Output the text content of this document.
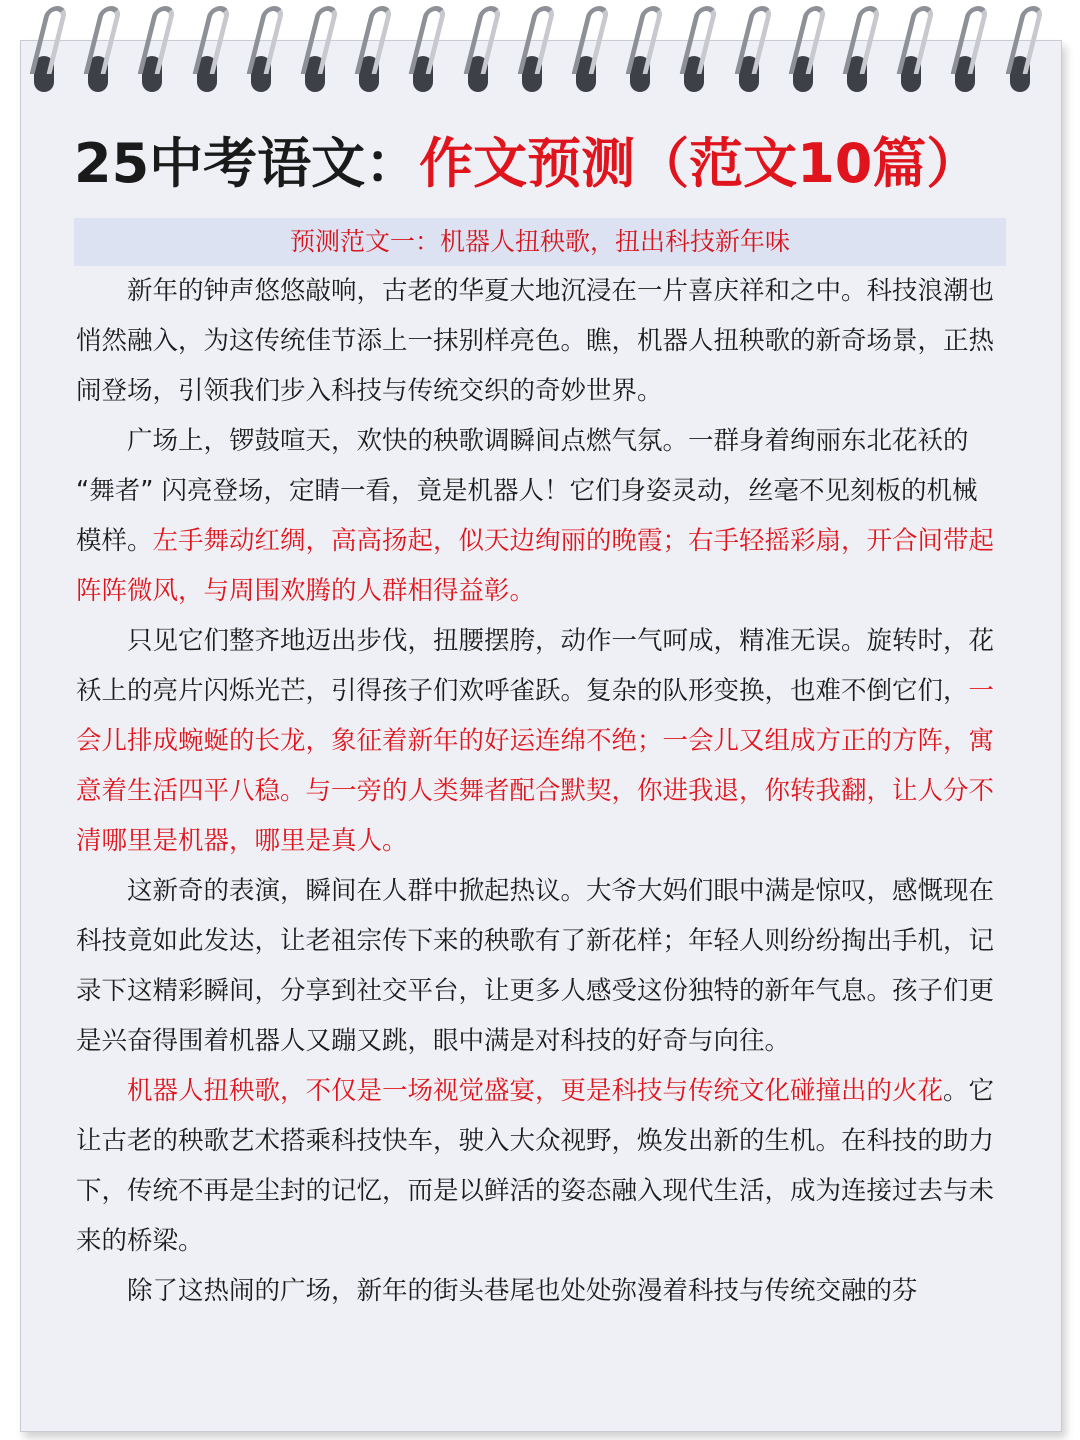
25中考语文：作文预测（范文10篇）
预测范文一：机器人扭秧歌，扭出科技新年味

新年的钟声悠悠敲响，古老的华夏大地沉浸在一片喜庆祥和之中。科技浪潮也悄然融入，为这传统佳节添上一抹别样亮色。瞧，机器人扭秧歌的新奇场景，正热闹登场，引领我们步入科技与传统交织的奇妙世界。

广场上，锣鼓喧天，欢快的秧歌调瞬间点燃气氛。一群身着绚丽东北花袄的 “舞者” 闪亮登场，定睛一看，竟是机器人！它们身姿灵动，丝毫不见刻板的机械模样。左手舞动红绸，高高扬起，似天边绚丽的晚霞；右手轻摇彩扇，开合间带起阵阵微风，与周围欢腾的人群相得益彰。

只见它们整齐地迈出步伐，扭腰摆胯，动作一气呵成，精准无误。旋转时，花袄上的亮片闪烁光芒，引得孩子们欢呼雀跃。复杂的队形变换，也难不倒它们，一会儿排成蜿蜒的长龙，象征着新年的好运连绵不绝；一会儿又组成方正的方阵，寓意着生活四平八稳。与一旁的人类舞者配合默契，你进我退，你转我翻，让人分不清哪里是机器，哪里是真人。

这新奇的表演，瞬间在人群中掀起热议。大爷大妈们眼中满是惊叹，感慨现在科技竟如此发达，让老祖宗传下来的秧歌有了新花样；年轻人则纷纷掏出手机，记录下这精彩瞬间，分享到社交平台，让更多人感受这份独特的新年气息。孩子们更是兴奋得围着机器人又蹦又跳，眼中满是对科技的好奇与向往。

机器人扭秧歌，不仅是一场视觉盛宴，更是科技与传统文化碰撞出的火花。它让古老的秧歌艺术搭乘科技快车，驶入大众视野，焕发出新的生机。在科技的助力下，传统不再是尘封的记忆，而是以鲜活的姿态融入现代生活，成为连接过去与未来的桥梁。

除了这热闹的广场，新年的街头巷尾也处处弥漫着科技与传统交融的芬
